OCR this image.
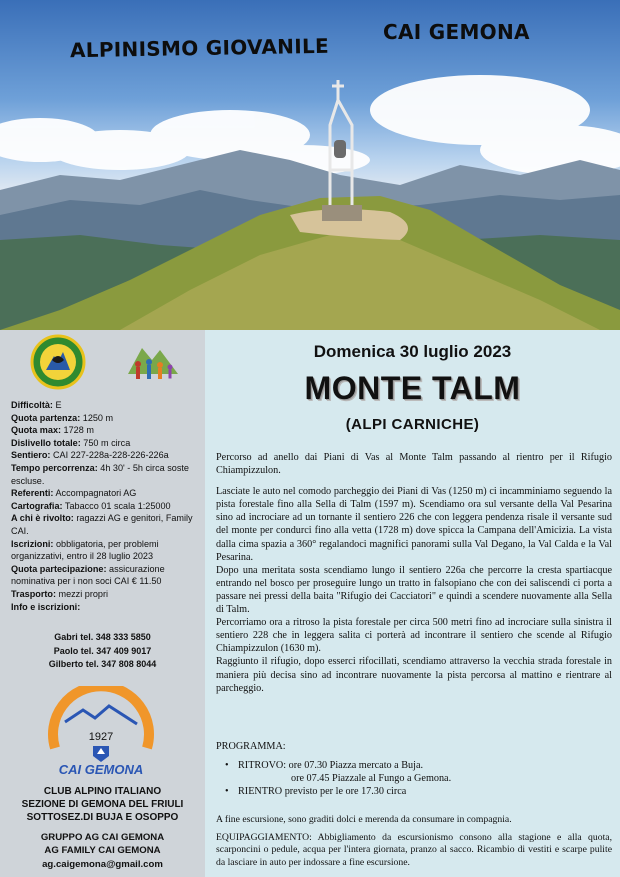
ALPINISMO GIOVANILE
CAI GEMONA
Difficoltà: E
Quota partenza: 1250 m
Quota max: 1728 m
Dislivello totale: 750 m circa
Sentiero: CAI 227-228a-228-226-226a
Tempo percorrenza: 4h 30' - 5h circa soste escluse.
Referenti: Accompagnatori AG
Cartografia: Tabacco 01 scala 1:25000
A chi è rivolto: ragazzi AG e genitori, Family CAI.
Iscrizioni: obbligatoria, per problemi organizzativi, entro il 28 luglio 2023
Quota partecipazione: assicurazione nominativa per i non soci CAI € 11.50
Trasporto: mezzi propri
Info e iscrizioni:
Gabri tel. 348 333 5850
Paolo tel. 347 409 9017
Gilberto tel. 347 808 8044
1927
CAI GEMONA
CLUB ALPINO ITALIANO
SEZIONE DI GEMONA DEL FRIULI
SOTTOSEZ.DI BUJA E OSOPPO
GRUPPO AG CAI GEMONA
AG FAMILY CAI GEMONA
ag.caigemona@gmail.com
Domenica 30 luglio 2023
MONTE TALM
(ALPI CARNICHE)

Percorso ad anello dai Piani di Vas al Monte Talm passando al rientro per il Rifugio Chiampizzulon.

Lasciate le auto nel comodo parcheggio dei Piani di Vas (1250 m) ci incamminiamo seguendo la pista forestale fino alla Sella di Talm (1597 m). Scendiamo ora sul versante della Val Pesarina sino ad incrociare ad un tornante il sentiero 226 che con leggera pendenza risale il versante sud del monte per condurci fino alla vetta (1728 m) dove spicca la Campana dell'Amicizia. La vista dalla cima spazia a 360° regalandoci magnifici panorami sulla Val Degano, la Val Calda e la Val Pesarina.

Dopo una meritata sosta scendiamo lungo il sentiero 226a che percorre la cresta spartiacque entrando nel bosco per proseguire lungo un tratto in falsopiano che con dei saliscendi ci porta a passare nei pressi della baita "Rifugio dei Cacciatori" e quindi a scendere nuovamente alla Sella di Talm.

Percorriamo ora a ritroso la pista forestale per circa 500 metri fino ad incrociare sulla sinistra il sentiero 228 che in leggera salita ci porterà ad incontrare il sentiero che scende al Rifugio Chiampizzulon (1630 m).

Raggiunto il rifugio, dopo esserci rifocillati, scendiamo attraverso la vecchia strada forestale in maniera più decisa sino ad incontrare nuovamente la pista percorsa al mattino e rientrare al parcheggio.

PROGRAMMA:
• RITROVO: ore 07.30 Piazza mercato a Buja.
ore 07.45 Piazzale al Fungo a Gemona.
• RIENTRO previsto per le ore 17.30 circa

A fine escursione, sono graditi dolci e merenda da consumare in compagnia.

EQUIPAGGIAMENTO: Abbigliamento da escursionismo consono alla stagione e alla quota, scarponcini o pedule, acqua per l'intera giornata, pranzo al sacco. Ricambio di vestiti e scarpe pulite da lasciare in auto per indossare a fine escursione.
